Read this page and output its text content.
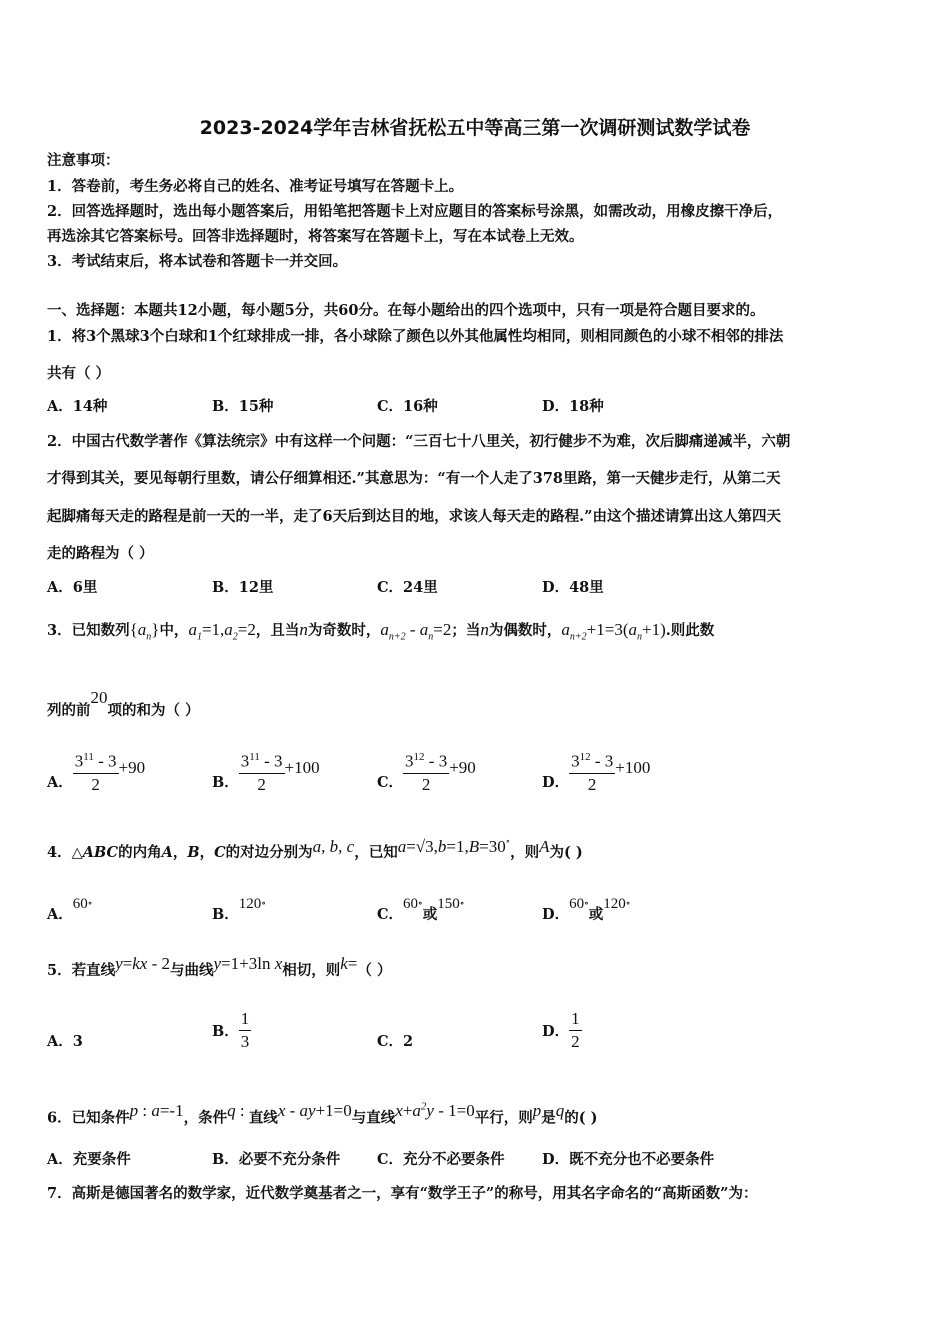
2023-2024学年吉林省抚松五中等高三第一次调研测试数学试卷
注意事项：
1．答卷前，考生务必将自己的姓名、准考证号填写在答题卡上。
2．回答选择题时，选出每小题答案后，用铅笔把答题卡上对应题目的答案标号涂黑，如需改动，用橡皮擦干净后，
再选涂其它答案标号。回答非选择题时，将答案写在答题卡上，写在本试卷上无效。
3．考试结束后，将本试卷和答题卡一并交回。
一、选择题：本题共12小题，每小题5分，共60分。在每小题给出的四个选项中，只有一项是符合题目要求的。
1．将3个黑球3个白球和1个红球排成一排，各小球除了颜色以外其他属性均相同，则相同颜色的小球不相邻的排法
共有（ ）
A．14种	B．15种	C．16种	D．18种
2．中国古代数学著作《算法统宗》中有这样一个问题：“三百七十八里关，初行健步不为难，次后脚痛递减半，六朝
才得到其关，要见每朝行里数，请公仔细算相还.”其意思为：“有一个人走了378里路，第一天健步走行，从第二天
起脚痛每天走的路程是前一天的一半，走了6天后到达目的地，求该人每天走的路程.”由这个描述请算出这人第四天
走的路程为（ ）
A．6里	B．12里	C．24里	D．48里
3．已知数列$\{a_n\}$中，$a_1=1,a_2=2$，且当n为奇数时，$a_{n+2} - a_n=2$；当n为偶数时，$a_{n+2}+1=3(a_n+1)$.则此数
列的前20项的和为（ ）
A． $\frac{3^{11} - 3}{2} +90$
B． $\frac{3^{11} - 3}{2} +100$
C． $\frac{3^{12} - 3}{2} +90$
D． $\frac{3^{12} - 3}{2} +100$
4．△ABC的内角A，B，C的对边分别为a, b, c，已知a=√3,b=1,B=30∘，则A为( )
A．60∘
B．120∘
C．60∘或150∘
D．60∘或120∘
5．若直线y=kx - 2与曲线y=1+3ln x相切，则k=（ ）
A．3
B． $\frac{1}{3}$	C．2
D． $\frac{1}{2}$
6．已知条件p : a=-1，条件q : 直线x - ay+1=0与直线$x+a^2y - 1=0$平行，则p是q的( )
A．充要条件	B．必要不充分条件	C．充分不必要条件	D．既不充分也不必要条件
7．高斯是德国著名的数学家，近代数学奠基者之一，享有“数学王子”的称号，用其名字命名的“高斯函数”为：
